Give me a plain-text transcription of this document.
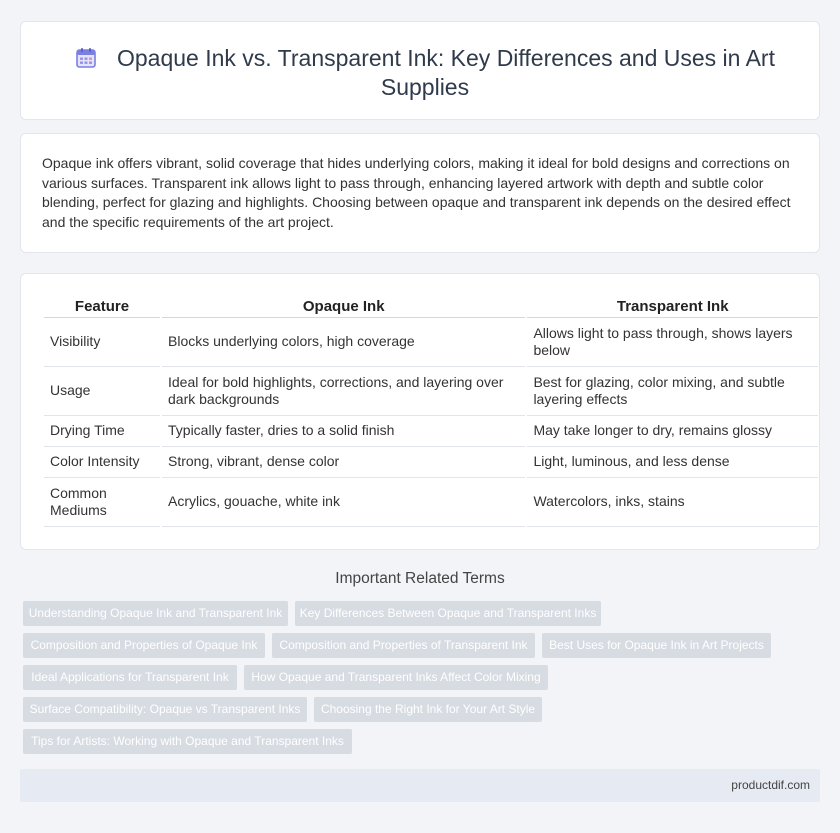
Opaque Ink vs. Transparent Ink: Key Differences and Uses in Art Supplies

Opaque ink offers vibrant, solid coverage that hides underlying colors, making it ideal for bold designs and corrections on various surfaces. Transparent ink allows light to pass through, enhancing layered artwork with depth and subtle color blending, perfect for glazing and highlights. Choosing between opaque and transparent ink depends on the desired effect and the specific requirements of the art project.

Feature	Opaque Ink	Transparent Ink
Visibility	Blocks underlying colors, high coverage	Allows light to pass through, shows layers below
Usage	Ideal for bold highlights, corrections, and layering over dark backgrounds	Best for glazing, color mixing, and subtle layering effects
Drying Time	Typically faster, dries to a solid finish	May take longer to dry, remains glossy
Color Intensity	Strong, vibrant, dense color	Light, luminous, and less dense
Common Mediums	Acrylics, gouache, white ink	Watercolors, inks, stains
Important Related Terms
Understanding Opaque Ink and Transparent Ink	Key Differences Between Opaque and Transparent Inks
Composition and Properties of Opaque Ink	Composition and Properties of Transparent Ink	Best Uses for Opaque Ink in Art Projects
Ideal Applications for Transparent Ink	How Opaque and Transparent Inks Affect Color Mixing
Surface Compatibility: Opaque vs Transparent Inks	Choosing the Right Ink for Your Art Style
Tips for Artists: Working with Opaque and Transparent Inks
productdif.com
